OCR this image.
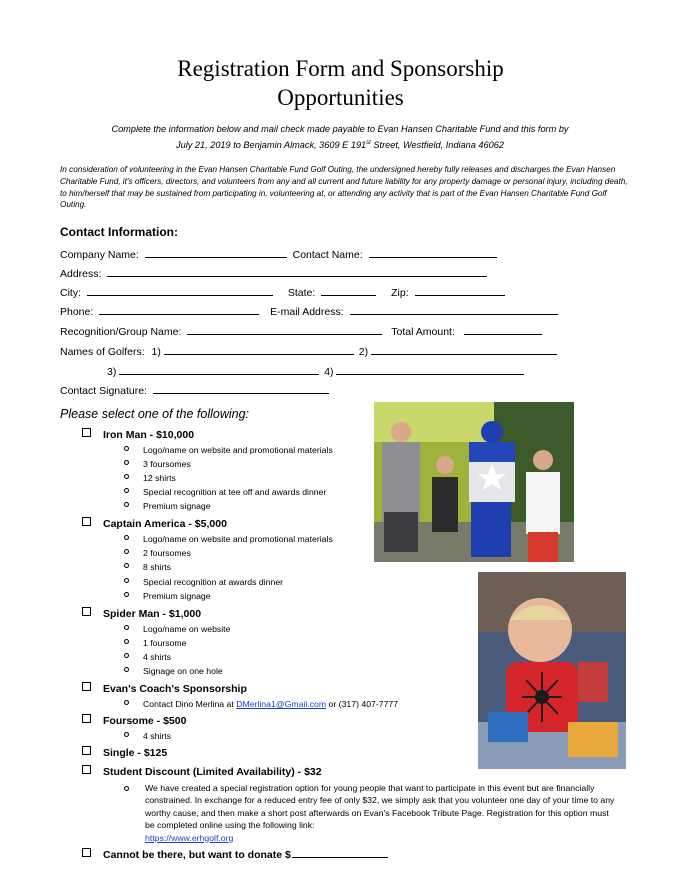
Registration Form and Sponsorship
Opportunities
Complete the information below and mail check made payable to Evan Hansen Charitable Fund and this form by
July 21, 2019 to Benjamin Almack, 3609 E 191st Street, Westfield, Indiana 46062
In consideration of volunteering in the Evan Hansen Charitable Fund Golf Outing, the undersigned hereby fully releases and discharges the Evan Hansen Charitable Fund, it's officers, directors, and volunteers from any and all current and future liability for any property damage or personal injury, including death, to him/herself that may be sustained from participating in, volunteering at, or attending any activity that is part of the Evan Hansen Charitable Fund Golf Outing.
Contact Information:
Company Name:	Contact Name:
Address:
City:	State:	Zip:
Phone:	E-mail Address:
Recognition/Group Name:	Total Amount:
Names of Golfers: 1)	2)
3)	4)
Contact Signature:
Please select one of the following:
Iron Man - $10,000
Logo/name on website and promotional materials
3 foursomes
12 shirts
Special recognition at tee off and awards dinner
Premium signage
Captain America - $5,000
Logo/name on website and promotional materials
2 foursomes
8 shirts
Special recognition at awards dinner
Premium signage
Spider Man - $1,000
Logo/name on website
1 foursome
4 shirts
Signage on one hole
Evan's Coach's Sponsorship
Contact Dino Merlina at DMerlina1@Gmail.com or (317) 407-7777
Foursome - $500
4 shirts
Single - $125
Student Discount (Limited Availability) - $32
We have created a special registration option for young people that want to participate in this event but are financially constrained. In exchange for a reduced entry fee of only $32, we simply ask that you volunteer one day of your time to any worthy cause, and then make a short post afterwards on Evan's Facebook Tribute Page. Registration for this option must be completed online using the following link:
https://www.erhgolf.org
Cannot be there, but want to donate $
